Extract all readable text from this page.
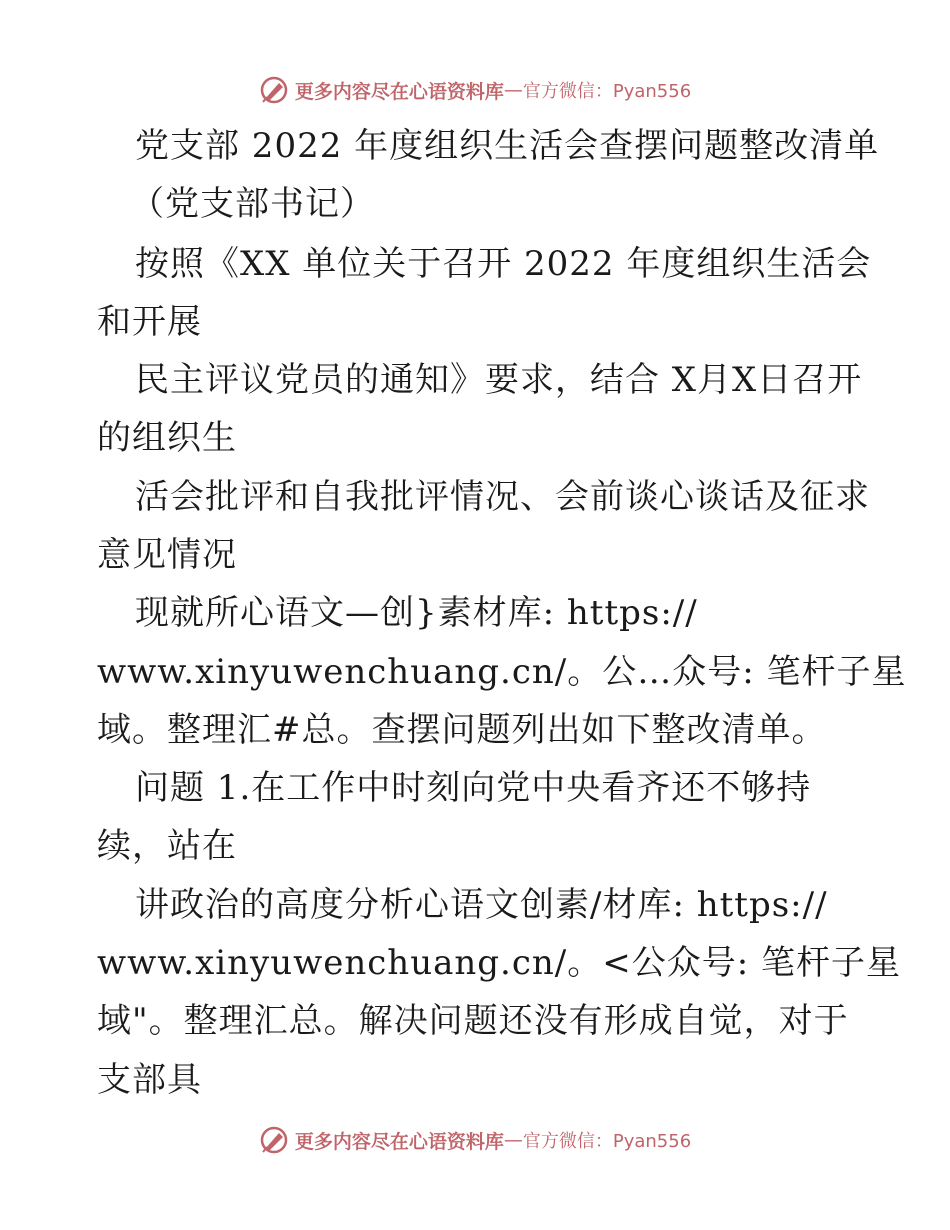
更多内容尽在心语资料库 — 官方微信：Pyan556
党支部 2022 年度组织生活会查摆问题整改清单
（党支部书记）
按照《XX 单位关于召开 2022 年度组织生活会
和开展
民主评议党员的通知》要求，结合 X月X日召开
的组织生
活会批评和自我批评情况、会前谈心谈话及征求
意见情况
现就所心语文—创}素材库: https://
www.xinyuwenchuang.cn/。公…众号: 笔杆子星
域。整理汇#总。查摆问题列出如下整改清单。
问题 1.在工作中时刻向党中央看齐还不够持
续，站在
讲政治的高度分析心语文创素/材库: https://
www.xinyuwenchuang.cn/。<公众号: 笔杆子星
域"。整理汇总。解决问题还没有形成自觉，对于
支部具
更多内容尽在心语资料库 — 官方微信：Pyan556
